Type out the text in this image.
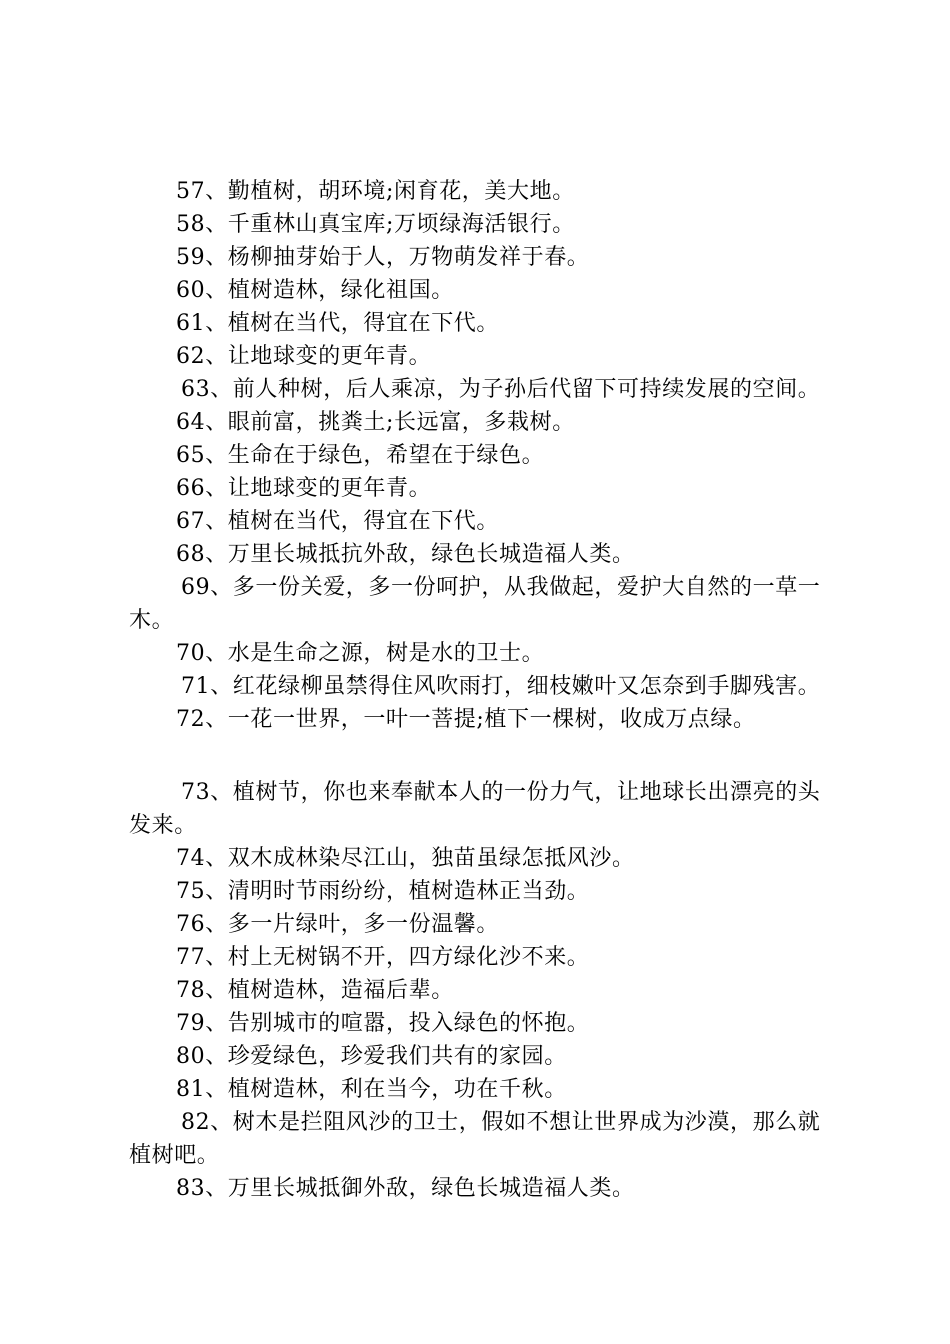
57、勤植树，胡环境;闲育花，美大地。

58、千重林山真宝库;万顷绿海活银行。

59、杨柳抽芽始于人，万物萌发祥于春。

60、植树造林，绿化祖国。

61、植树在当代，得宜在下代。

62、让地球变的更年青。

63、前人种树，后人乘凉，为子孙后代留下可持续发展的空间。

64、眼前富，挑粪土;长远富，多栽树。

65、生命在于绿色，希望在于绿色。

66、让地球变的更年青。

67、植树在当代，得宜在下代。

68、万里长城抵抗外敌，绿色长城造福人类。

69、多一份关爱，多一份呵护，从我做起，爱护大自然的一草一木。

70、水是生命之源，树是水的卫士。

71、红花绿柳虽禁得住风吹雨打，细枝嫩叶又怎奈到手脚残害。

72、一花一世界，一叶一菩提;植下一棵树，收成万点绿。

73、植树节，你也来奉献本人的一份力气，让地球长出漂亮的头发来。

74、双木成林染尽江山，独苗虽绿怎抵风沙。

75、清明时节雨纷纷，植树造林正当劲。

76、多一片绿叶，多一份温馨。

77、村上无树锅不开，四方绿化沙不来。

78、植树造林，造福后辈。

79、告别城市的喧嚣，投入绿色的怀抱。

80、珍爱绿色，珍爱我们共有的家园。

81、植树造林，利在当今，功在千秋。

82、树木是拦阻风沙的卫士，假如不想让世界成为沙漠，那么就植树吧。

83、万里长城抵御外敌，绿色长城造福人类。
